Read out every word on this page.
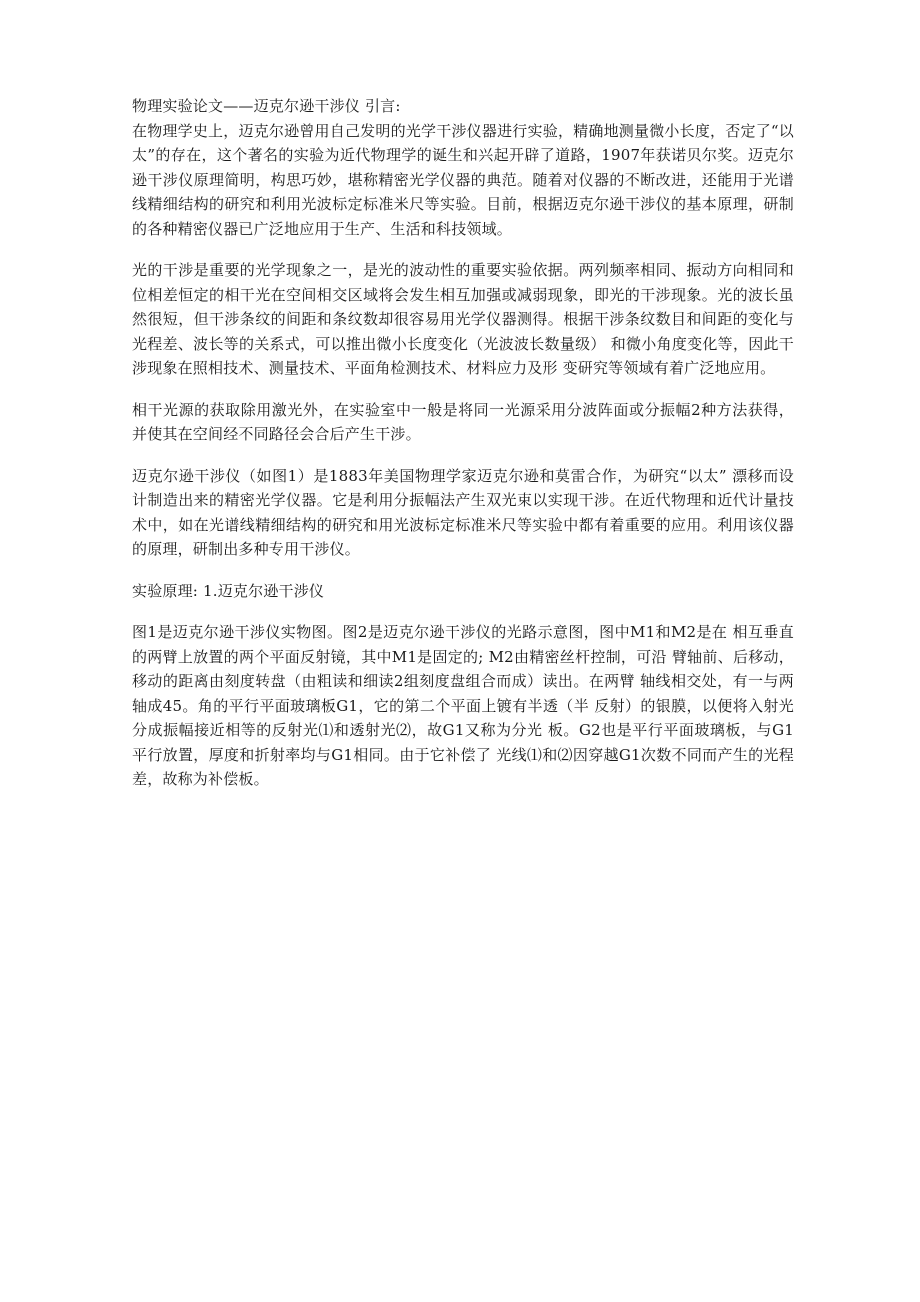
物理实验论文——迈克尔逊干涉仪 引言:

在物理学史上，迈克尔逊曾用自己发明的光学干涉仪器进行实验，精确地测量微小长度，否定了“以太”的存在，这个著名的实验为近代物理学的诞生和兴起开辟了道路，1907年获诺贝尔奖。迈克尔逊干涉仪原理简明，构思巧妙，堪称精密光学仪器的典范。随着对仪器的不断改进，还能用于光谱线精细结构的研究和利用光波标定标准米尺等实验。目前，根据迈克尔逊干涉仪的基本原理，研制的各种精密仪器已广泛地应用于生产、生活和科技领域。

光的干涉是重要的光学现象之一，是光的波动性的重要实验依据。两列频率相同、振动方向相同和位相差恒定的相干光在空间相交区域将会发生相互加强或减弱现象，即光的干涉现象。光的波长虽然很短，但干涉条纹的间距和条纹数却很容易用光学仪器测得。根据干涉条纹数目和间距的变化与光程差、波长等的关系式，可以推出微小长度变化（光波波长数量级） 和微小角度变化等，因此干涉现象在照相技术、测量技术、平面角检测技术、材料应力及形 变研究等领域有着广泛地应用。

相干光源的获取除用激光外，在实验室中一般是将同一光源采用分波阵面或分振幅2种方法获得，并使其在空间经不同路径会合后产生干涉。

迈克尔逊干涉仪（如图1）是1883年美国物理学家迈克尔逊和莫雷合作，为研究“以太” 漂移而设计制造出来的精密光学仪器。它是利用分振幅法产生双光束以实现干涉。在近代物理和近代计量技术中，如在光谱线精细结构的研究和用光波标定标准米尺等实验中都有着重要的应用。利用该仪器的原理，研制出多种专用干涉仪。

实验原理: 1.迈克尔逊干涉仪

图1是迈克尔逊干涉仪实物图。图2是迈克尔逊干涉仪的光路示意图，图中M1和M2是在 相互垂直的两臂上放置的两个平面反射镜，其中M1是固定的; M2由精密丝杆控制，可沿 臂轴前、后移动，移动的距离由刻度转盘（由粗读和细读2组刻度盘组合而成）读出。在两臂 轴线相交处，有一与两轴成45。角的平行平面玻璃板G1，它的第二个平面上镀有半透（半 反射）的银膜，以便将入射光分成振幅接近相等的反射光⑴和透射光⑵，故G1又称为分光 板。G2也是平行平面玻璃板，与G1平行放置，厚度和折射率均与G1相同。由于它补偿了 光线⑴和⑵因穿越G1次数不同而产生的光程差，故称为补偿板。
